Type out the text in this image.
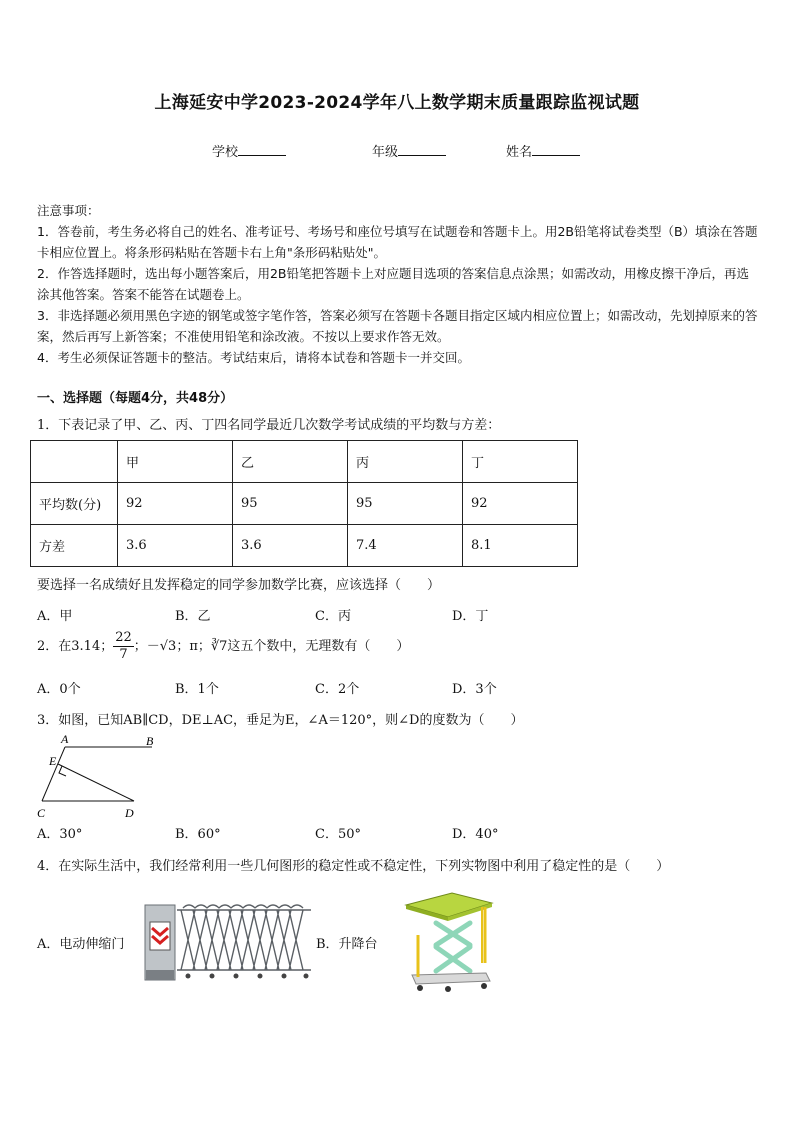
上海延安中学2023-2024学年八上数学期末质量跟踪监视试题
学校	年级	姓名

注意事项：

1．答卷前，考生务必将自己的姓名、准考证号、考场号和座位号填写在试题卷和答题卡上。用2B铅笔将试卷类型（B）填涂在答题卡相应位置上。将条形码粘贴在答题卡右上角"条形码粘贴处"。

2．作答选择题时，选出每小题答案后，用2B铅笔把答题卡上对应题目选项的答案信息点涂黑；如需改动，用橡皮擦干净后，再选涂其他答案。答案不能答在试题卷上。

3．非选择题必须用黑色字迹的钢笔或签字笔作答，答案必须写在答题卡各题目指定区域内相应位置上；如需改动，先划掉原来的答案，然后再写上新答案；不准使用铅笔和涂改液。不按以上要求作答无效。

4．考生必须保证答题卡的整洁。考试结束后，请将本试卷和答题卡一并交回。

一、选择题（每题4分，共48分）
1．下表记录了甲、乙、丙、丁四名同学最近几次数学考试成绩的平均数与方差：
	甲	乙	丙	丁
平均数(分)	92	95	95	92
方差	3.6	3.6	7.4	8.1
要选择一名成绩好且发挥稳定的同学参加数学比赛，应该选择（　　）
A．甲	B．乙	C．丙	D．丁
2．在3.14； $\frac{22}{7}$ ；－√3；π；∛7这五个数中，无理数有（　　）
A．0个	B．1个	C．2个	D．3个
3．如图，已知AB∥CD，DE⊥AC，垂足为E，∠A＝120°，则∠D的度数为（　　）
A	B
E
C	D
A．30°	B．60°	C．50°	D．40°
4．在实际生活中，我们经常利用一些几何图形的稳定性或不稳定性，下列实物图中利用了稳定性的是（　　）
A．电动伸缩门	B．升降台
